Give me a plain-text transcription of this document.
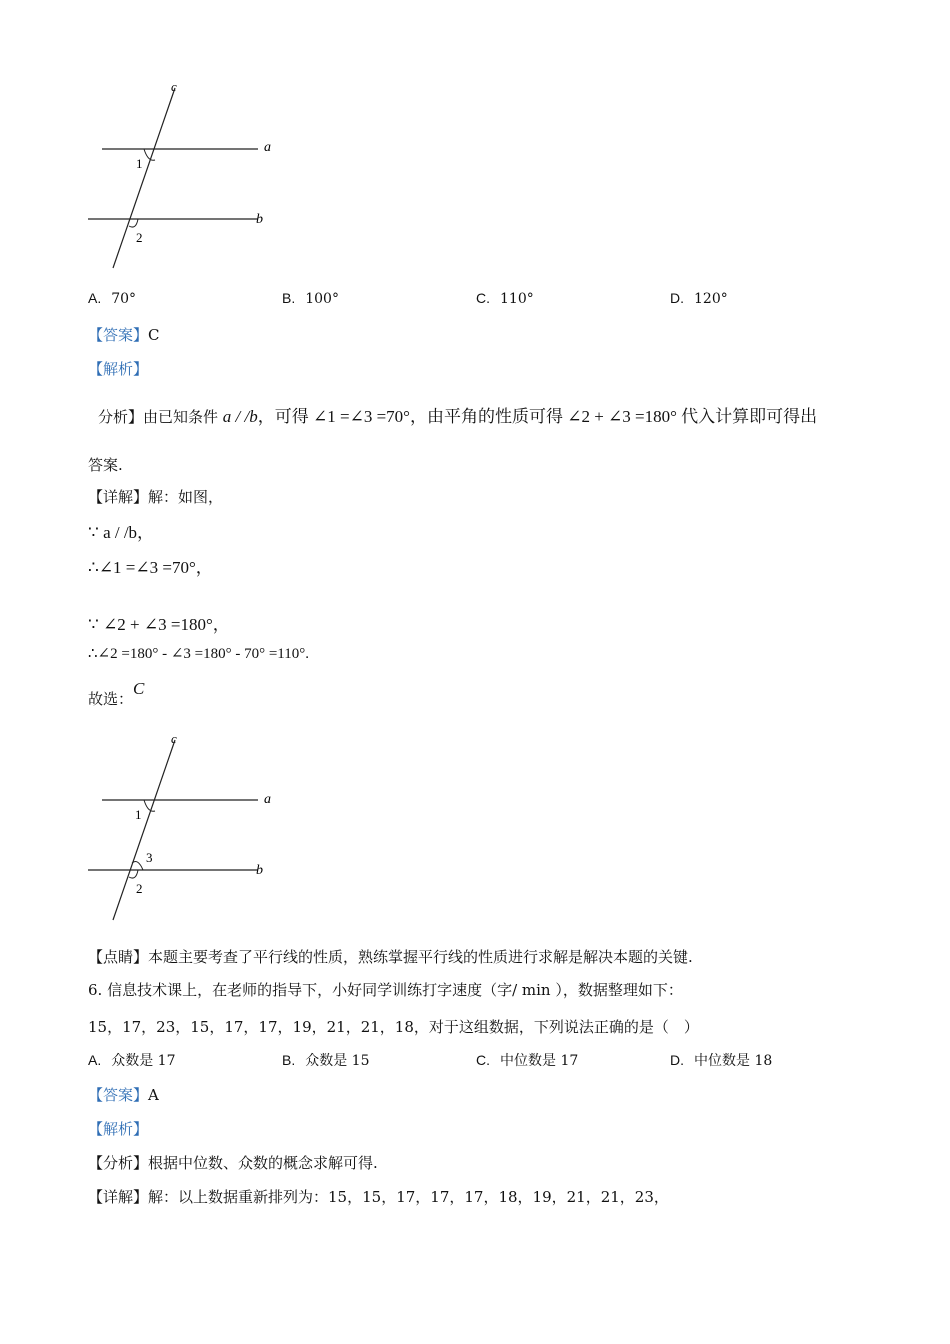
c
a
b
1
2
A. 70°	B. 100°	C. 110°	D. 120°
【答案】C
【解析】
分析】由已知条件 a / /b，可得 ∠1 =∠3 =70°，由平角的性质可得 ∠2 + ∠3 =180° 代入计算即可得出
答案.
【详解】解：如图，
∵ a / /b，
∴∠1 =∠3 =70°，
∵ ∠2 + ∠3 =180°，
∴∠2 =180° - ∠3 =180° - 70° =110°.
故选：C
c
a
b
1
3
2
【点睛】本题主要考查了平行线的性质，熟练掌握平行线的性质进行求解是解决本题的关键.
6. 信息技术课上，在老师的指导下，小好同学训练打字速度（字/ min ），数据整理如下：
15，17，23，15，17，17，19，21，21，18，对于这组数据，下列说法正确的是（　）
A. 众数是 17	B. 众数是 15	C. 中位数是 17	D. 中位数是 18
【答案】A
【解析】
【分析】根据中位数、众数的概念求解可得.
【详解】解：以上数据重新排列为：15，15，17，17，17，18，19，21，21，23，
